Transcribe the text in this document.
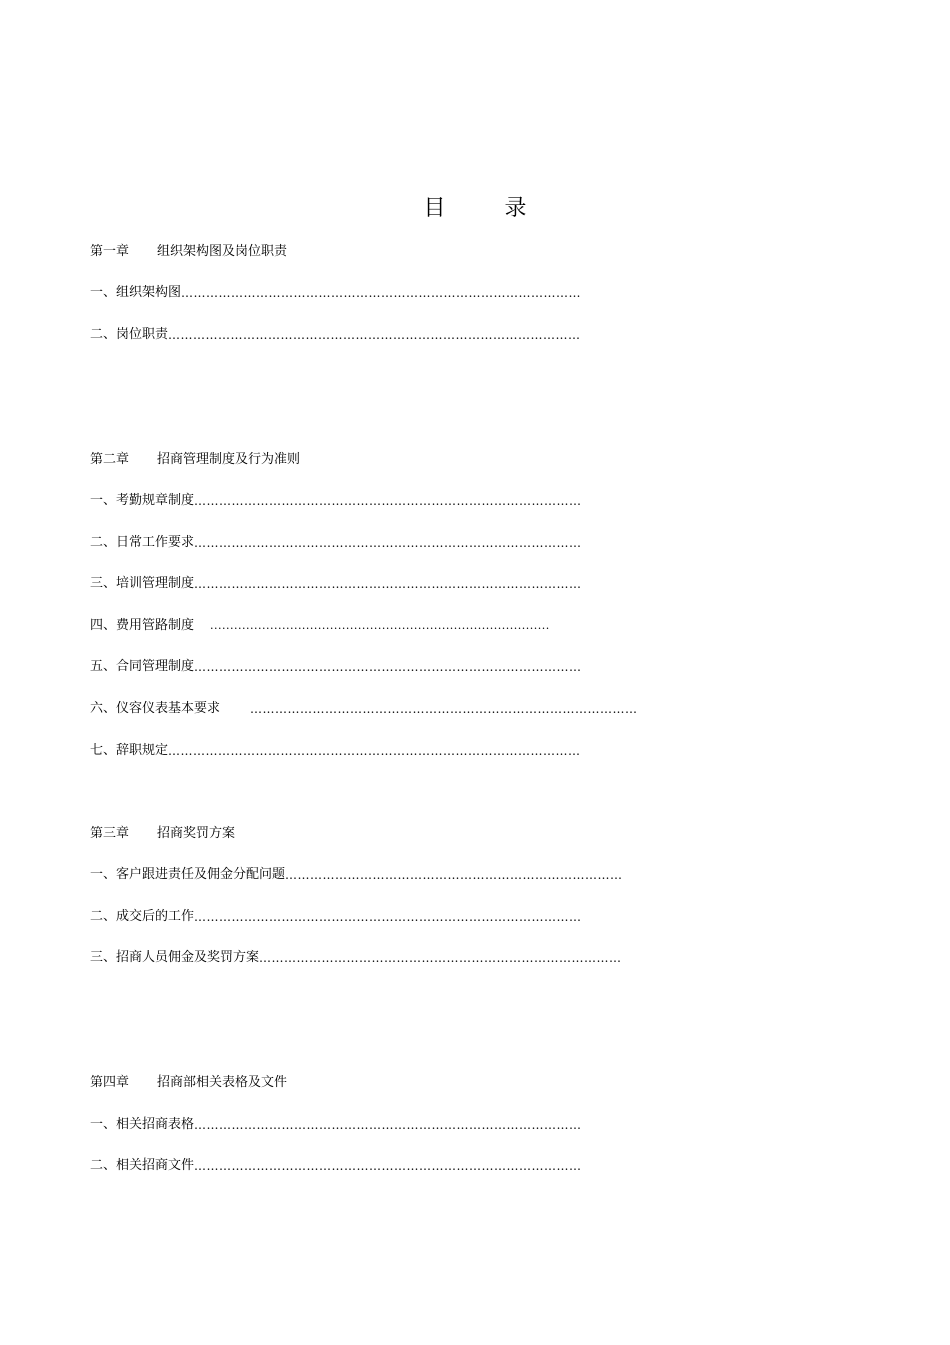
目 录
第一章 组织架构图及岗位职责
一、组织架构图 ……………………………………………………………………………………
二、岗位职责 ………………………………………………………………………………………
第二章 招商管理制度及行为准则
一、考勤规章制度 …………………………………………………………………………………
二、日常工作要求 …………………………………………………………………………………
三、培训管理制度 …………………………………………………………………………………
四、费用管路制度 .....................................................................................
五、合同管理制度 …………………………………………………………………………………
六、仪容仪表基本要求	…………………………………………………………………………………
七、辞职规定 ………………………………………………………………………………………
第三章 招商奖罚方案
一、客户跟进责任及佣金分配问题 ………………………………………………………………………
二、成交后的工作 …………………………………………………………………………………
三、招商人员佣金及奖罚方案 ……………………………………………………………………………
第四章 招商部相关表格及文件
一、相关招商表格 …………………………………………………………………………………
二、相关招商文件 …………………………………………………………………………………
